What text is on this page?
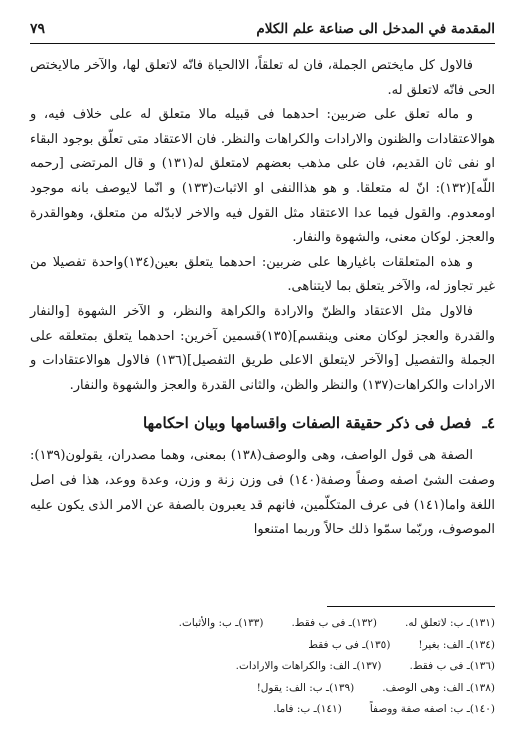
المقدمة في المدخل الى صناعة علم الكلام
٧٩

فالاول كل مايختص الجملة، فان له تعلقاً، الاالحياة فانّه لاتعلق لها، والآخر مالايختص الحى فانّه لاتعلق له.

و ماله تعلق على ضربين: احدهما فى قبيله مالا متعلق له على خلاف فيه، و هوالاعتقادات والظنون والارادات والكراهات والنظر. فان الاعتقاد متى تعلّق بوجود البقاء او نفى ثان القديم، فان على مذهب بعضهم لامتعلق له(١٣١) و قال المرتضى [رحمه اللّه](١٣٢): انّ له متعلقا. و هو هذاالنفى او الاثبات(١٣٣) و انّما لايوصف بانه موجود اومعدوم. والقول فيما عدا الاعتقاد مثل القول فيه والاخر لابدّله من متعلق، وهوالقدرة والعجز. لوكان معنى، والشهوة والنفار.

و هذه المتعلقات باغيارها على ضربين: احدهما يتعلق بعين(١٣٤)واحدة تفصيلا من غير تجاوز له، والآخر يتعلق بما لايتناهى.

فالاول مثل الاعتقاد والظنّ والارادة والكراهة والنظر، و الآخر الشهوة [والنفار والقدرة والعجز لوكان معنى وينقسم](١٣٥)قسمين آخرين: احدهما يتعلق بمتعلقه على الجملة والتفصيل [والآخر لايتعلق الاعلى طريق التفصيل](١٣٦) فالاول هوالاعتقادات و الارادات والكراهات(١٣٧) والنظر والظن، والثانى القدرة والعجز والشهوة والنفار.

٤ـ فصل فى ذكر حقيقة الصفات واقسامها وبيان احكامها

الصفة هى قول الواصف، وهى والوصف(١٣٨) بمعنى، وهما مصدران، يقولون(١٣٩): وصفت الشئ اصفه وصفاً وصفة(١٤٠) فى وزن زنة و وزن، وعدة ووعد، هذا فى اصل اللغة واما(١٤١) فى عرف المتكلّمين، فانهم قد يعبرون بالصفة عن الامر الذى يكون عليه الموصوف، وربّما سمّوا ذلك حالاً وربما امتنعوا

(١٣١)ـ ب: لاتعلق له.
(١٣٢)ـ فى ب فقط.
(١٣٣)ـ ب: والأثبات.
(١٣٤)ـ الف: بغير!
(١٣٥)ـ فى ب فقط
(١٣٦)ـ فى ب فقط.
(١٣٧)ـ الف: والكراهات والارادات.
(١٣٨)ـ الف: وهى الوصف.
(١٣٩)ـ ب: الف: يقول!
(١٤٠)ـ ب: اصفه صفة ووصفاً
(١٤١)ـ ب: فاما.
